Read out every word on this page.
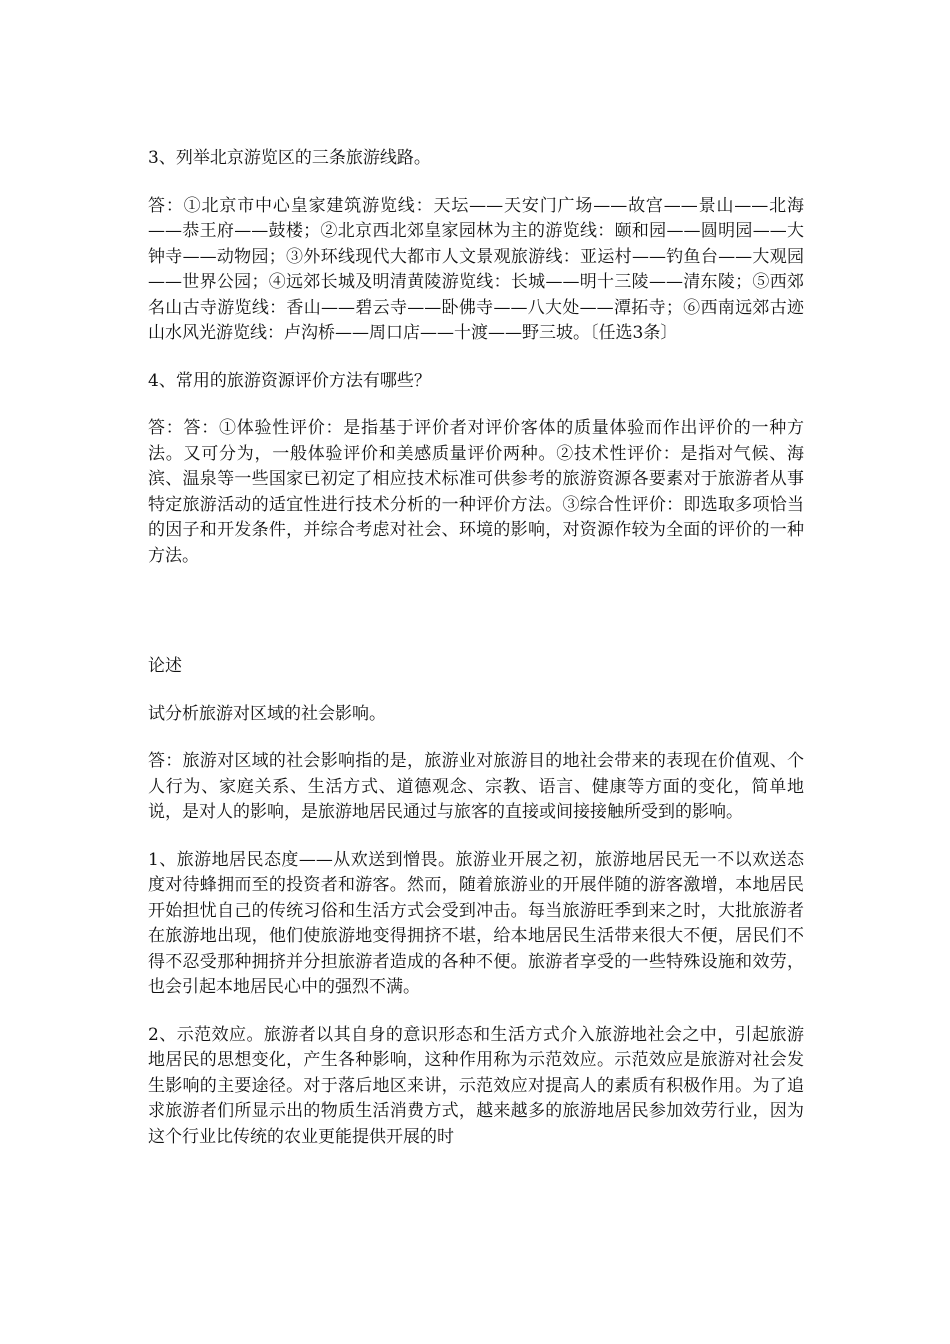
3、列举北京游览区的三条旅游线路。

答：①北京市中心皇家建筑游览线：天坛——天安门广场——故宫——景山——北海——恭王府——鼓楼；②北京西北郊皇家园林为主的游览线：颐和园——圆明园——大钟寺——动物园；③外环线现代大都市人文景观旅游线：亚运村——钓鱼台——大观园——世界公园；④远郊长城及明清黄陵游览线：长城——明十三陵——清东陵；⑤西郊名山古寺游览线：香山——碧云寺——卧佛寺——八大处——潭拓寺；⑥西南远郊古迹山水风光游览线：卢沟桥——周口店——十渡——野三坡。〔任选3条〕

4、常用的旅游资源评价方法有哪些？

答：答：①体验性评价：是指基于评价者对评价客体的质量体验而作出评价的一种方法。又可分为，一般体验评价和美感质量评价两种。②技术性评价：是指对气候、海滨、温泉等一些国家已初定了相应技术标准可供参考的旅游资源各要素对于旅游者从事特定旅游活动的适宜性进行技术分析的一种评价方法。③综合性评价：即选取多项恰当的因子和开发条件，并综合考虑对社会、环境的影响，对资源作较为全面的评价的一种方法。

论述

试分析旅游对区域的社会影响。

答：旅游对区域的社会影响指的是，旅游业对旅游目的地社会带来的表现在价值观、个人行为、家庭关系、生活方式、道德观念、宗教、语言、健康等方面的变化，简单地说，是对人的影响，是旅游地居民通过与旅客的直接或间接接触所受到的影响。

1、旅游地居民态度——从欢送到憎畏。旅游业开展之初，旅游地居民无一不以欢送态度对待蜂拥而至的投资者和游客。然而，随着旅游业的开展伴随的游客激增，本地居民开始担忧自己的传统习俗和生活方式会受到冲击。每当旅游旺季到来之时，大批旅游者在旅游地出现，他们使旅游地变得拥挤不堪，给本地居民生活带来很大不便，居民们不得不忍受那种拥挤并分担旅游者造成的各种不便。旅游者享受的一些特殊设施和效劳，也会引起本地居民心中的强烈不满。

2、示范效应。旅游者以其自身的意识形态和生活方式介入旅游地社会之中，引起旅游地居民的思想变化，产生各种影响，这种作用称为示范效应。示范效应是旅游对社会发生影响的主要途径。对于落后地区来讲，示范效应对提高人的素质有积极作用。为了追求旅游者们所显示出的物质生活消费方式，越来越多的旅游地居民参加效劳行业，因为这个行业比传统的农业更能提供开展的时
